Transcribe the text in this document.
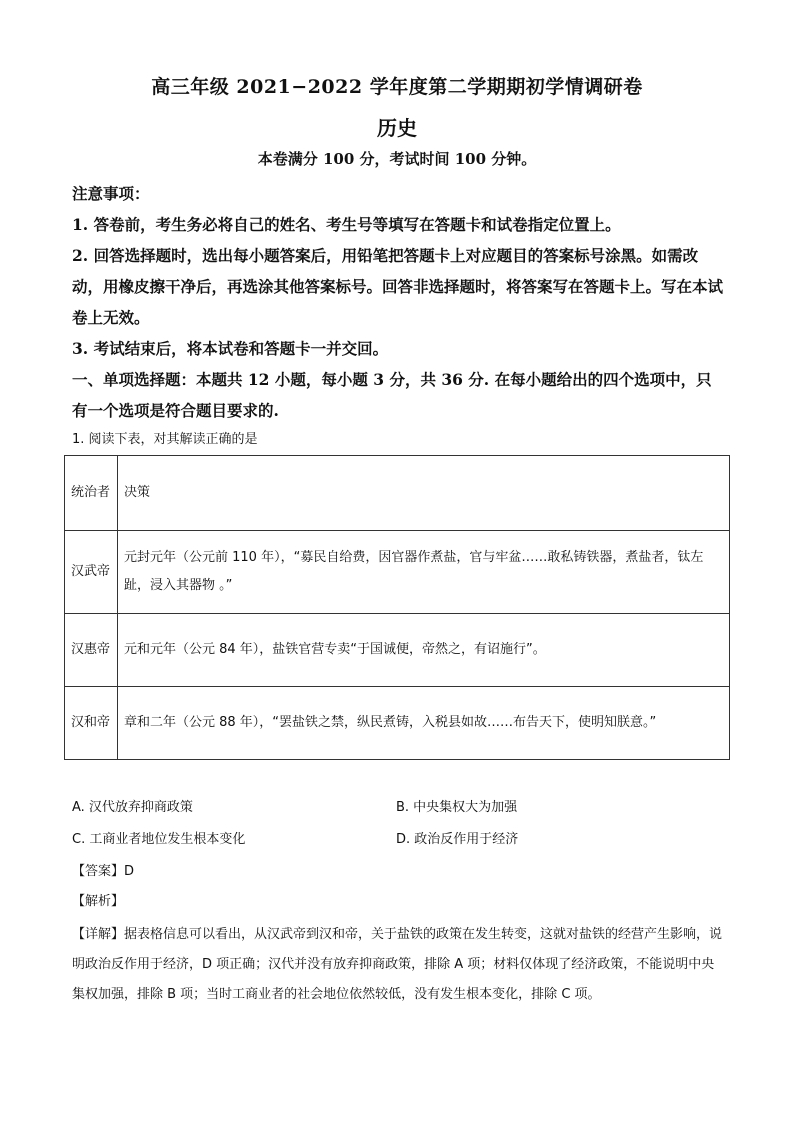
高三年级 2021−2022 学年度第二学期期初学情调研卷
历史
本卷满分 100 分，考试时间 100 分钟。

注意事项：

1. 答卷前，考生务必将自己的姓名、考生号等填写在答题卡和试卷指定位置上。

2. 回答选择题时，选出每小题答案后，用铅笔把答题卡上对应题目的答案标号涂黑。如需改动，用橡皮擦干净后，再选涂其他答案标号。回答非选择题时，将答案写在答题卡上。写在本试卷上无效。

3. 考试结束后，将本试卷和答题卡一并交回。

一、单项选择题：本题共 12 小题，每小题 3 分，共 36 分. 在每小题给出的四个选项中，只有一个选项是符合题目要求的.

1. 阅读下表，对其解读正确的是
统治者	决策
汉武帝	元封元年（公元前 110 年），“募民自给费，因官器作煮盐，官与牢盆……敢私铸铁器，煮盐者，钛左趾，浸入其器物 。”
汉惠帝	元和元年（公元 84 年），盐铁官营专卖“于国诚便，帝然之，有诏施行”。
汉和帝	章和二年（公元 88 年），“罢盐铁之禁，纵民煮铸，入税县如故……布告天下，使明知朕意。”
A. 汉代放弃抑商政策	B. 中央集权大为加强
C. 工商业者地位发生根本变化	D. 政治反作用于经济
【答案】D
【解析】
【详解】据表格信息可以看出，从汉武帝到汉和帝，关于盐铁的政策在发生转变，这就对盐铁的经营产生影响，说明政治反作用于经济，D 项正确；汉代并没有放弃抑商政策，排除 A 项；材料仅体现了经济政策，不能说明中央集权加强，排除 B 项；当时工商业者的社会地位依然较低，没有发生根本变化，排除 C 项。
